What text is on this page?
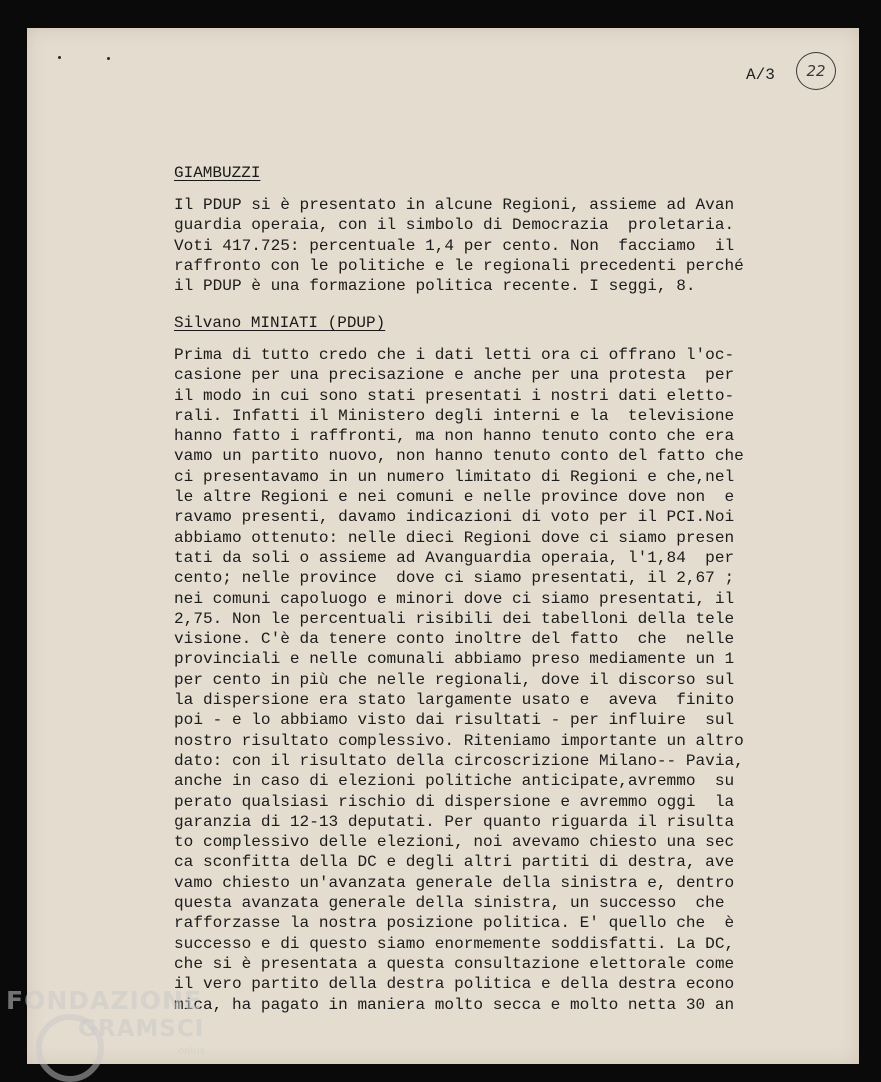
A/3	22
GIAMBUZZI
Il PDUP si è presentato in alcune Regioni, assieme ad Avan
guardia operaia, con il simbolo di Democrazia  proletaria.
Voti 417.725: percentuale 1,4 per cento. Non  facciamo  il
raffronto con le politiche e le regionali precedenti perché
il PDUP è una formazione politica recente. I seggi, 8.
Silvano MINIATI (PDUP)
Prima di tutto credo che i dati letti ora ci offrano l'oc-
casione per una precisazione e anche per una protesta  per
il modo in cui sono stati presentati i nostri dati eletto-
rali. Infatti il Ministero degli interni e la  televisione
hanno fatto i raffronti, ma non hanno tenuto conto che era
vamo un partito nuovo, non hanno tenuto conto del fatto che
ci presentavamo in un numero limitato di Regioni e che,nel
le altre Regioni e nei comuni e nelle province dove non  e
ravamo presenti, davamo indicazioni di voto per il PCI.Noi
abbiamo ottenuto: nelle dieci Regioni dove ci siamo presen
tati da soli o assieme ad Avanguardia operaia, l'1,84  per
cento; nelle province  dove ci siamo presentati, il 2,67 ;
nei comuni capoluogo e minori dove ci siamo presentati, il
2,75. Non le percentuali risibili dei tabelloni della tele
visione. C'è da tenere conto inoltre del fatto  che  nelle
provinciali e nelle comunali abbiamo preso mediamente un 1
per cento in più che nelle regionali, dove il discorso sul
la dispersione era stato largamente usato e  aveva  finito
poi - e lo abbiamo visto dai risultati - per influire  sul
nostro risultato complessivo. Riteniamo importante un altro
dato: con il risultato della circoscrizione Milano-- Pavia,
anche in caso di elezioni politiche anticipate,avremmo  su
perato qualsiasi rischio di dispersione e avremmo oggi  la
garanzia di 12-13 deputati. Per quanto riguarda il risulta
to complessivo delle elezioni, noi avevamo chiesto una sec
ca sconfitta della DC e degli altri partiti di destra, ave
vamo chiesto un'avanzata generale della sinistra e, dentro
questa avanzata generale della sinistra, un successo  che
rafforzasse la nostra posizione politica. E' quello che  è
successo e di questo siamo enormemente soddisfatti. La DC,
che si è presentata a questa consultazione elettorale come
il vero partito della destra politica e della destra econo
mica, ha pagato in maniera molto secca e molto netta 30 an
FONDAZIONE
GRAMSCI
onlus
